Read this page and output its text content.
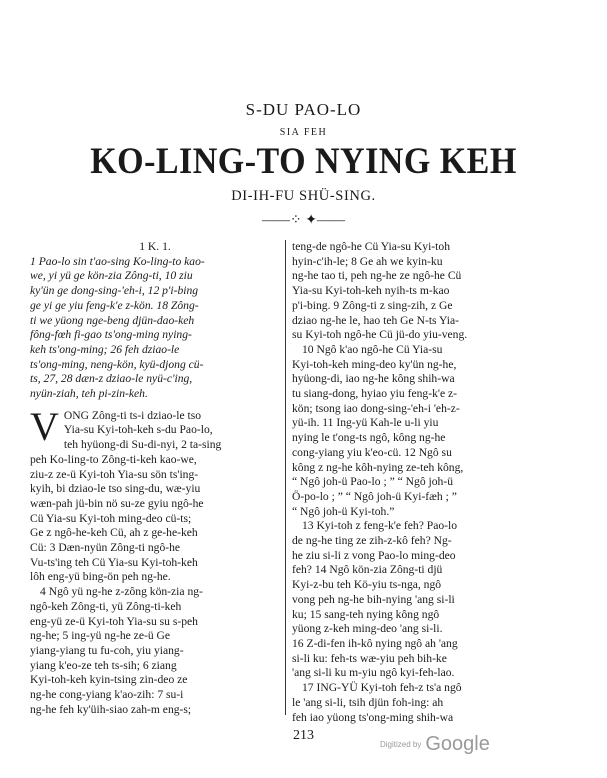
S-DU PAO-LO
SIA FEH
KO-LING-TO NYING KEH
DI-IH-FU SHÜ-SING.
——⁘ ✦——
1 K. 1.
1 Pao-lo sin t'ao-sing Ko-ling-to kao-
we, yi yü ge kön-zia Zông-ti, 10 ziu
ky'ün ge dong-sing-'eh-i, 12 p'i-bing
ge yi ge yiu feng-k'e z-kön. 18 Zông-
ti we yüong nge-beng djün-dao-keh
fông-fœh fi-gao ts'ong-ming nying-
keh ts'ong-ming; 26 feh dziao-le
ts'ong-ming, neng-kön, kyü-djong cü-
ts, 27, 28 dæn-z dziao-le nyü-c'ing,
nyün-ziah, teh pi-zin-keh.
V ONG Zông-ti ts-i dziao-le tso
Yia-su Kyi-toh-keh s-du Pao-lo,
teh hyüong-di Su-di-nyi, 2 ta-sing
peh Ko-ling-to Zông-ti-keh kao-we,
ziu-z ze-ü Kyi-toh Yia-su sön ts'ing-
kyih, bi dziao-le tso sing-du, wæ-yiu
wæn-pah jü-bin nö su-ze gyiu ngô-he
Cü Yia-su Kyi-toh ming-deo cü-ts;
Ge z ngô-he-keh Cü, ah z ge-he-keh
Cü: 3 Dæn-nyün Zông-ti ngô-he
Vu-ts'ing teh Cü Yia-su Kyi-toh-keh
lôh eng-yü bing-ön peh ng-he.
4 Ngô yü ng-he z-zông kön-zia ng-
ngô-keh Zông-ti, yü Zông-ti-keh
eng-yü ze-ü Kyi-toh Yia-su su s-peh
ng-he; 5 ing-yü ng-he ze-ü Ge
yiang-yiang tu fu-coh, yiu yiang-
yiang k'eo-ze teh ts-sih; 6 ziang
Kyi-toh-keh kyin-tsing zin-deo ze
ng-he cong-yiang k'ao-zih: 7 su-i
ng-he feh ky'üih-siao zah-m eng-s;
teng-de ngô-he Cü Yia-su Kyi-toh
hyin-c'ih-le; 8 Ge ah we kyin-ku
ng-he tao ti, peh ng-he ze ngô-he Cü
Yia-su Kyi-toh-keh nyih-ts m-kao
p'i-bing. 9 Zông-ti z sing-zih, z Ge
dziao ng-he le, hao teh Ge N-ts Yia-
su Kyi-toh ngô-he Cü jü-do yiu-veng.
10 Ngô k'ao ngô-he Cü Yia-su
Kyi-toh-keh ming-deo ky'ün ng-he,
hyüong-di, iao ng-he kông shih-wa
tu siang-dong, hyiao yiu feng-k'e z-
kön; tsong iao dong-sing-'eh-i 'eh-z-
yü-ih. 11 Ing-yü Kah-le u-li yiu
nying le t'ong-ts ngô, kông ng-he
cong-yiang yiu k'eo-cü. 12 Ngô su
kông z ng-he kôh-nying ze-teh kông,
“ Ngô joh-ü Pao-lo ; ” “ Ngô joh-ü
Ö-po-lo ; ” “ Ngô joh-ü Kyi-fæh ; ”
“ Ngô joh-ü Kyi-toh.”
13 Kyi-toh z feng-k'e feh? Pao-lo
de ng-he ting ze zih-z-kô feh? Ng-
he ziu si-li z vong Pao-lo ming-deo
feh? 14 Ngô kön-zia Zông-ti djü
Kyi-z-bu teh Kö-yiu ts-nga, ngô
vong peh ng-he bih-nying 'ang si-li
ku; 15 sang-teh nying kông ngô
yüong z-keh ming-deo 'ang si-li.
16 Z-di-fen ih-kô nying ngô ah 'ang
si-li ku: feh-ts wæ-yiu peh bih-ke
'ang si-li ku m-yiu ngô kyi-feh-lao.
17 ING-YÜ Kyi-toh feh-z ts'a ngô
le 'ang si-li, tsih djün foh-ing: ah
feh iao yüong ts'ong-ming shih-wa
213
Digitized by Google
